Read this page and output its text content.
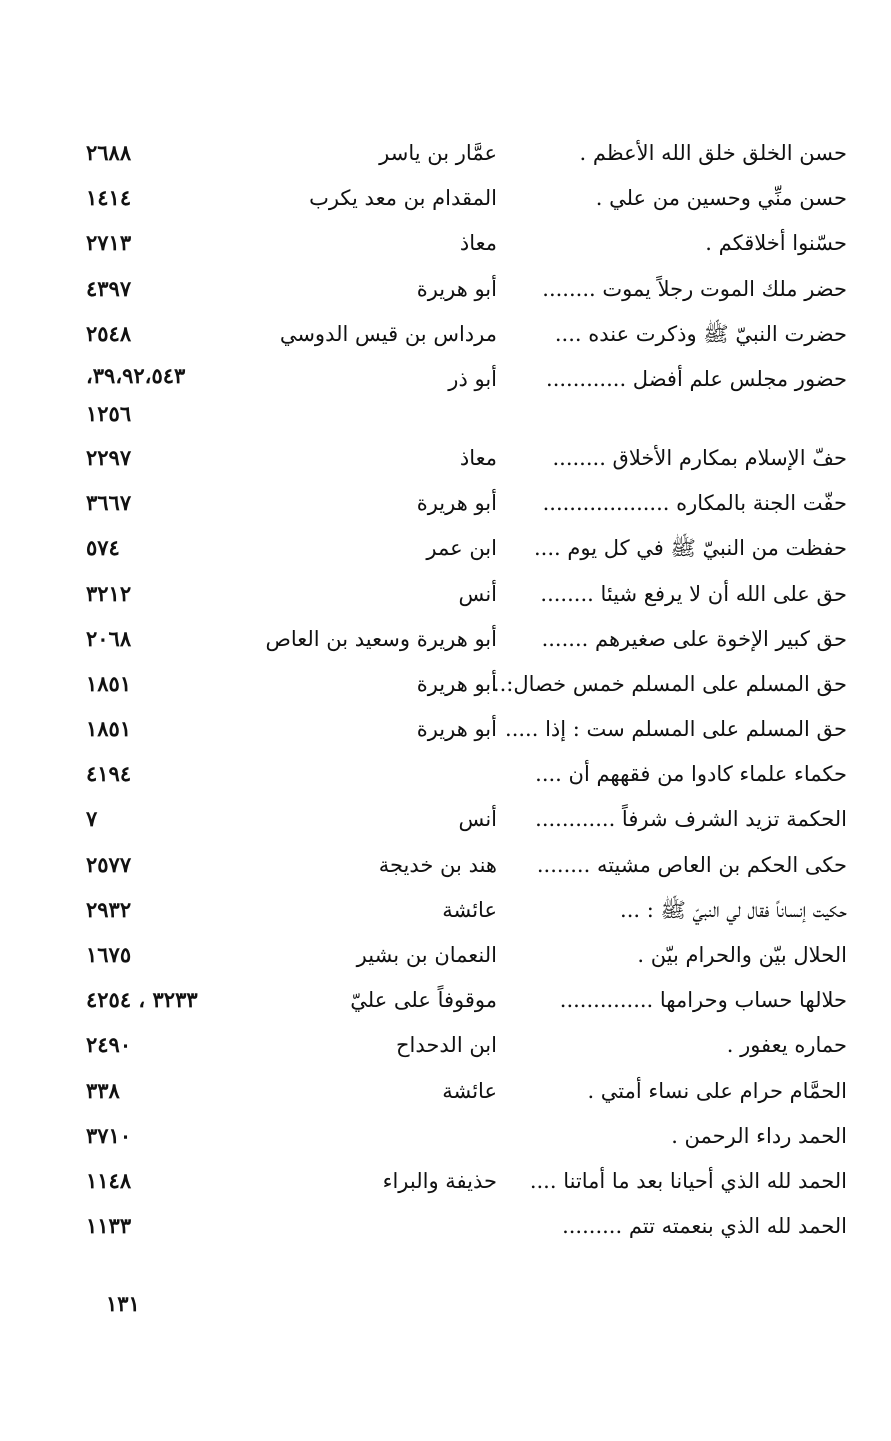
حسن الخلق خلق الله الأعظم .
عمَّار بن ياسر
٢٦٨٨
حسن منِّي وحسين من علي .
المقدام بن معد يكرب
١٤١٤
حسّنوا أخلاقكم .
معاذ
٢٧١٣
حضر ملك الموت رجلاً يموت ........
أبو هريرة
٤٣٩٧
حضرت النبيّ ﷺ وذكرت عنده ....
مرداس بن قيس الدوسي
٢٥٤٨
حضور مجلس علم أفضل ............
أبو ذر
٣٩،٩٢،٥٤٣، ١٢٥٦
حفّ الإسلام بمكارم الأخلاق ........
معاذ
٢٢٩٧
حفّت الجنة بالمكاره ...................
أبو هريرة
٣٦٦٧
حفظت من النبيّ ﷺ في كل يوم ....
ابن عمر
٥٧٤
حق على الله أن لا يرفع شيئا ........
أنس
٣٢١٢
حق كبير الإخوة على صغيرهم .......
أبو هريرة وسعيد بن العاص
٢٠٦٨
حق المسلم على المسلم خمس خصال:..
أبو هريرة
١٨٥١
حق المسلم على المسلم ست : إذا .....
أبو هريرة
١٨٥١
حكماء علماء كادوا من فقههم أن ....
٤١٩٤
الحكمة تزيد الشرف شرفاً ............
أنس
٧
حكى الحكم بن العاص مشيته ........
هند بن خديجة
٢٥٧٧
حكيت إنساناً فقال لي النبيّ ﷺ : ...
عائشة
٢٩٣٢
الحلال بيّن والحرام بيّن .
النعمان بن بشير
١٦٧٥
حلالها حساب وحرامها ..............
موقوفاً على عليّ
٣٢٣٣ ، ٤٢٥٤
حماره يعفور .
ابن الدحداح
٢٤٩٠
الحمَّام حرام على نساء أمتي .
عائشة
٣٣٨
الحمد رداء الرحمن .
٣٧١٠
الحمد لله الذي أحيانا بعد ما أماتنا ....
حذيفة والبراء
١١٤٨
الحمد لله الذي بنعمته تتم .........
١١٣٣
١٣١
